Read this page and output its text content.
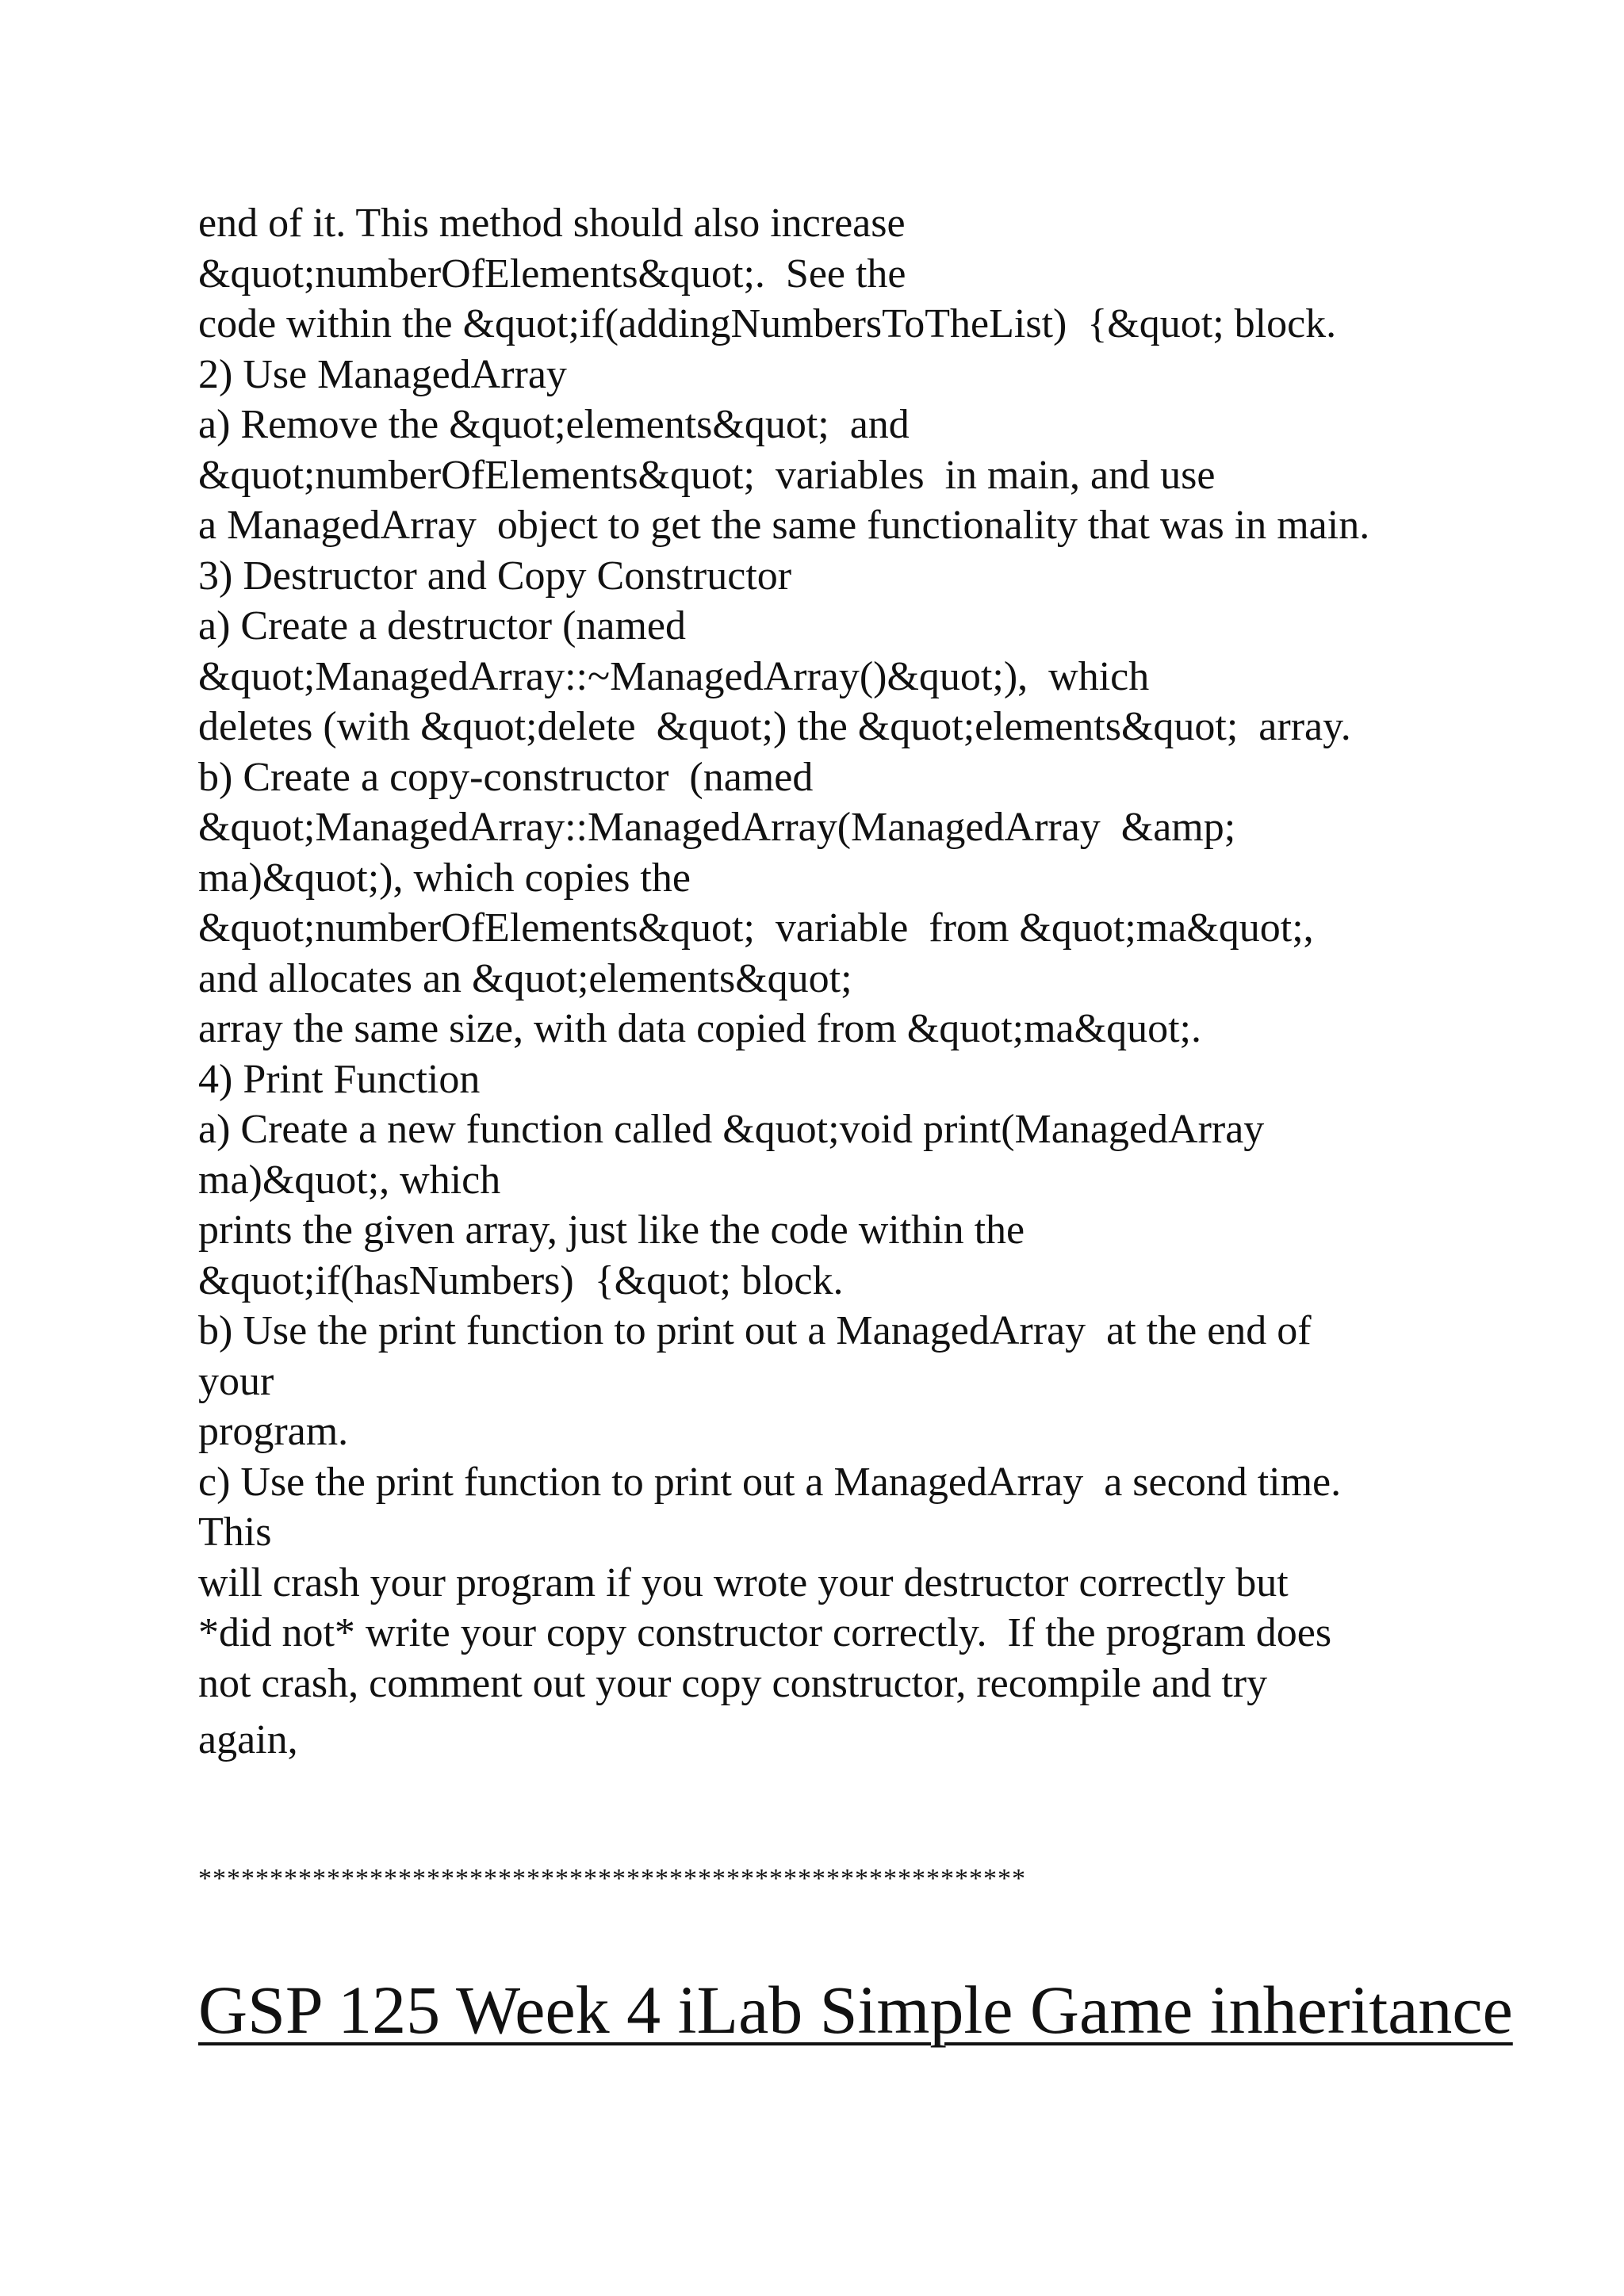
end of it. This method should also increase
&quot;numberOfElements&quot;.  See the
code within the &quot;if(addingNumbersToTheList)  {&quot; block.
2) Use ManagedArray
a) Remove the &quot;elements&quot;  and
&quot;numberOfElements&quot;  variables  in main, and use
a ManagedArray  object to get the same functionality that was in main.
3) Destructor and Copy Constructor
a) Create a destructor (named
&quot;ManagedArray::~ManagedArray()&quot;),  which
deletes (with &quot;delete  &quot;) the &quot;elements&quot;  array.
b) Create a copy-constructor  (named
&quot;ManagedArray::ManagedArray(ManagedArray  &amp;
ma)&quot;), which copies the
&quot;numberOfElements&quot;  variable  from &quot;ma&quot;,
and allocates an &quot;elements&quot;
array the same size, with data copied from &quot;ma&quot;.
4) Print Function
a) Create a new function called &quot;void print(ManagedArray
ma)&quot;, which
prints the given array, just like the code within the
&quot;if(hasNumbers)  {&quot; block.
b) Use the print function to print out a ManagedArray  at the end of
your
program.
c) Use the print function to print out a ManagedArray  a second time.
This
will crash your program if you wrote your destructor correctly but
*did not* write your copy constructor correctly.  If the program does
not crash, comment out your copy constructor, recompile and try
again,
**********************************************************
GSP 125 Week 4 iLab Simple Game inheritance
